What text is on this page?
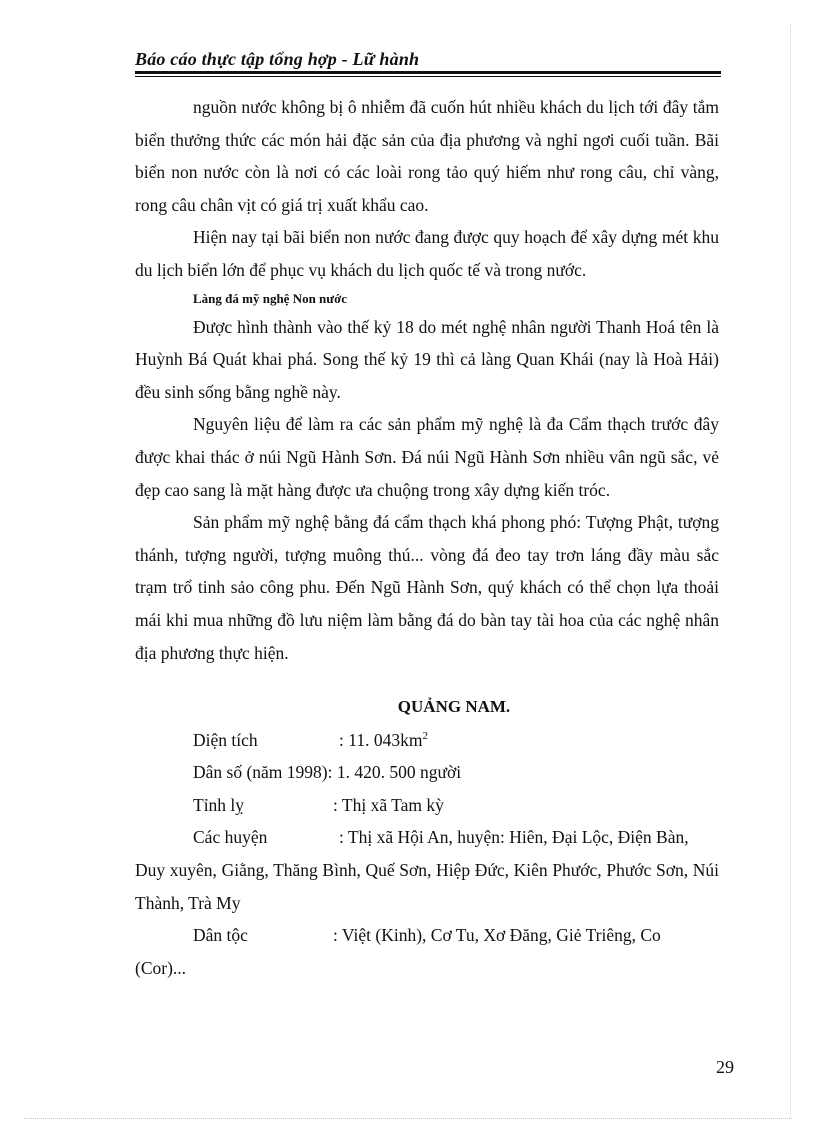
Báo cáo thực tập tổng hợp - Lữ hành

nguồn nước không bị ô nhiễm đã cuốn hút nhiều khách du lịch tới đây tắm biển thưởng thức các món hải đặc sản của địa phương và nghỉ ngơi cuối tuần. Bãi biển non nước còn là nơi có các loài rong tảo quý hiếm như rong câu, chỉ vàng, rong câu chân vịt có giá trị xuất khẩu cao.

Hiện nay tại bãi biển non nước đang được quy hoạch để xây dựng mét khu du lịch biển lớn để phục vụ khách du lịch quốc tế và trong nước.

Làng đá mỹ nghệ Non nước

Được hình thành vào thế kỷ 18 do mét nghệ nhân người Thanh Hoá tên là Huỳnh Bá Quát khai phá. Song thế kỷ 19 thì cả làng Quan Khái (nay là Hoà Hải) đều sinh sống bằng nghề này.

Nguyên liệu để làm ra các sản phẩm mỹ nghệ là đa Cẩm thạch trước đây được khai thác ở núi Ngũ Hành Sơn. Đá núi Ngũ Hành Sơn nhiều vân ngũ sắc, vẻ đẹp cao sang là mặt hàng được ưa chuộng trong xây dựng kiến tróc.

Sản phẩm mỹ nghệ bằng đá cẩm thạch khá phong phó: Tượng Phật, tượng thánh, tượng người, tượng muông thú... vòng đá đeo tay trơn láng đầy màu sắc trạm trổ tinh sảo công phu. Đến Ngũ Hành Sơn, quý khách có thể chọn lựa thoải mái khi mua những đồ lưu niệm làm bằng đá do bàn tay tài hoa của các nghệ nhân địa phương thực hiện.

QUẢNG NAM.

Diện tích	: 11. $043km^2$

Dân số (năm 1998) : 1. 420. 500 người

Tỉnh lỵ	: Thị xã Tam kỳ

Các huyện	: Thị xã Hội An, huyện: Hiên, Đại Lộc, Điện Bàn,

Duy xuyên, Giằng, Thăng Bình, Quế Sơn, Hiệp Đức, Kiên Phước, Phước Sơn, Núi Thành, Trà My

Dân tộc	: Việt (Kinh), Cơ Tu, Xơ Đăng, Giẻ Triêng, Co

(Cor)...

29
